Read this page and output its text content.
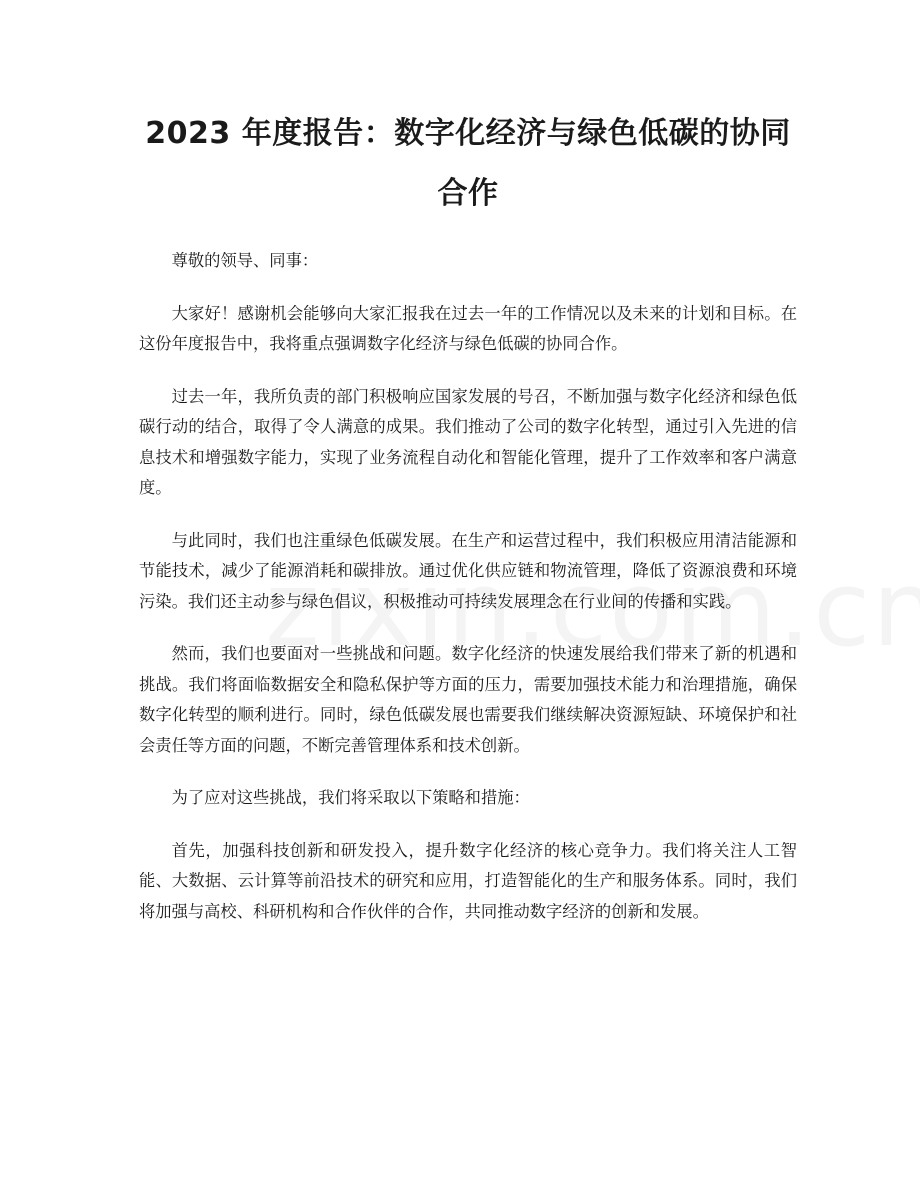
2023 年度报告：数字化经济与绿色低碳的协同合作

尊敬的领导、同事：

大家好！感谢机会能够向大家汇报我在过去一年的工作情况以及未来的计划和目标。在这份年度报告中，我将重点强调数字化经济与绿色低碳的协同合作。

过去一年，我所负责的部门积极响应国家发展的号召，不断加强与数字化经济和绿色低碳行动的结合，取得了令人满意的成果。我们推动了公司的数字化转型，通过引入先进的信息技术和增强数字能力，实现了业务流程自动化和智能化管理，提升了工作效率和客户满意度。

与此同时，我们也注重绿色低碳发展。在生产和运营过程中，我们积极应用清洁能源和节能技术，减少了能源消耗和碳排放。通过优化供应链和物流管理，降低了资源浪费和环境污染。我们还主动参与绿色倡议，积极推动可持续发展理念在行业间的传播和实践。

然而，我们也要面对一些挑战和问题。数字化经济的快速发展给我们带来了新的机遇和挑战。我们将面临数据安全和隐私保护等方面的压力，需要加强技术能力和治理措施，确保数字化转型的顺利进行。同时，绿色低碳发展也需要我们继续解决资源短缺、环境保护和社会责任等方面的问题，不断完善管理体系和技术创新。

为了应对这些挑战，我们将采取以下策略和措施：

首先，加强科技创新和研发投入，提升数字化经济的核心竞争力。我们将关注人工智能、大数据、云计算等前沿技术的研究和应用，打造智能化的生产和服务体系。同时，我们将加强与高校、科研机构和合作伙伴的合作，共同推动数字经济的创新和发展。
